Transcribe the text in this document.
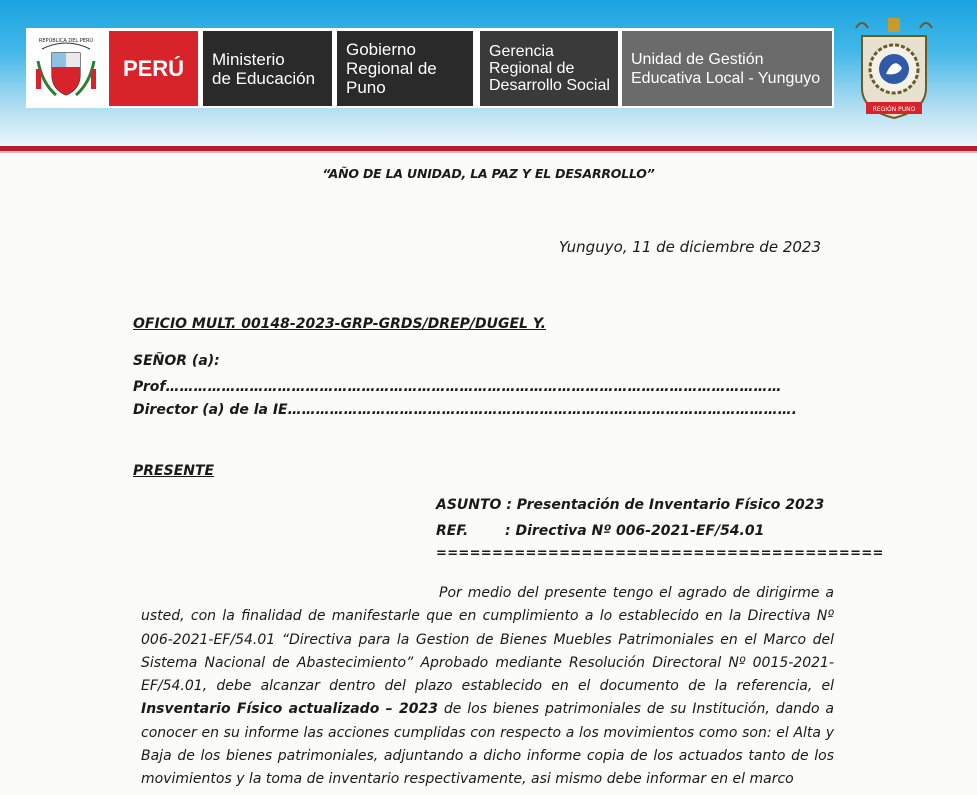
REPÚBLICA DEL PERÚ
PERÚ	Ministerio
de Educación
Gobierno
Regional de Puno
Gerencia
Regional de
Desarrollo Social
Unidad de Gestión
Educativa Local - Yunguyo
REGIÓN PUNO
“AÑO DE LA UNIDAD, LA PAZ Y EL DESARROLLO”
Yunguyo, 11 de diciembre de 2023
OFICIO MULT. 00148-2023-GRP-GRDS/DREP/DUGEL Y.
SEÑOR (a):
Prof……………………………………………………………………………………………………………………
Director (a) de la IE……………………………………………………………………………………………….
PRESENTE
ASUNTO : Presentación de Inventario Físico 2023
REF.	: Directiva Nº 006-2021-EF/54.01
========================================

Por medio del presente tengo el agrado de dirigirme a usted, con la finalidad de manifestarle que en cumplimiento a lo establecido en la Directiva Nº 006-2021-EF/54.01 “Directiva para la Gestion de Bienes Muebles Patrimoniales en el Marco del Sistema Nacional de Abastecimiento” Aprobado mediante Resolución Directoral Nº 0015-2021-EF/54.01, debe alcanzar dentro del plazo establecido en el documento de la referencia, el Insventario Físico actualizado – 2023 de los bienes patrimoniales de su Institución, dando a conocer en su informe las acciones cumplidas con respecto a los movimientos como son: el Alta y Baja de los bienes patrimoniales, adjuntando a dicho informe copia de los actuados tanto de los movimientos y la toma de inventario respectivamente, asi mismo debe informar en el marco
